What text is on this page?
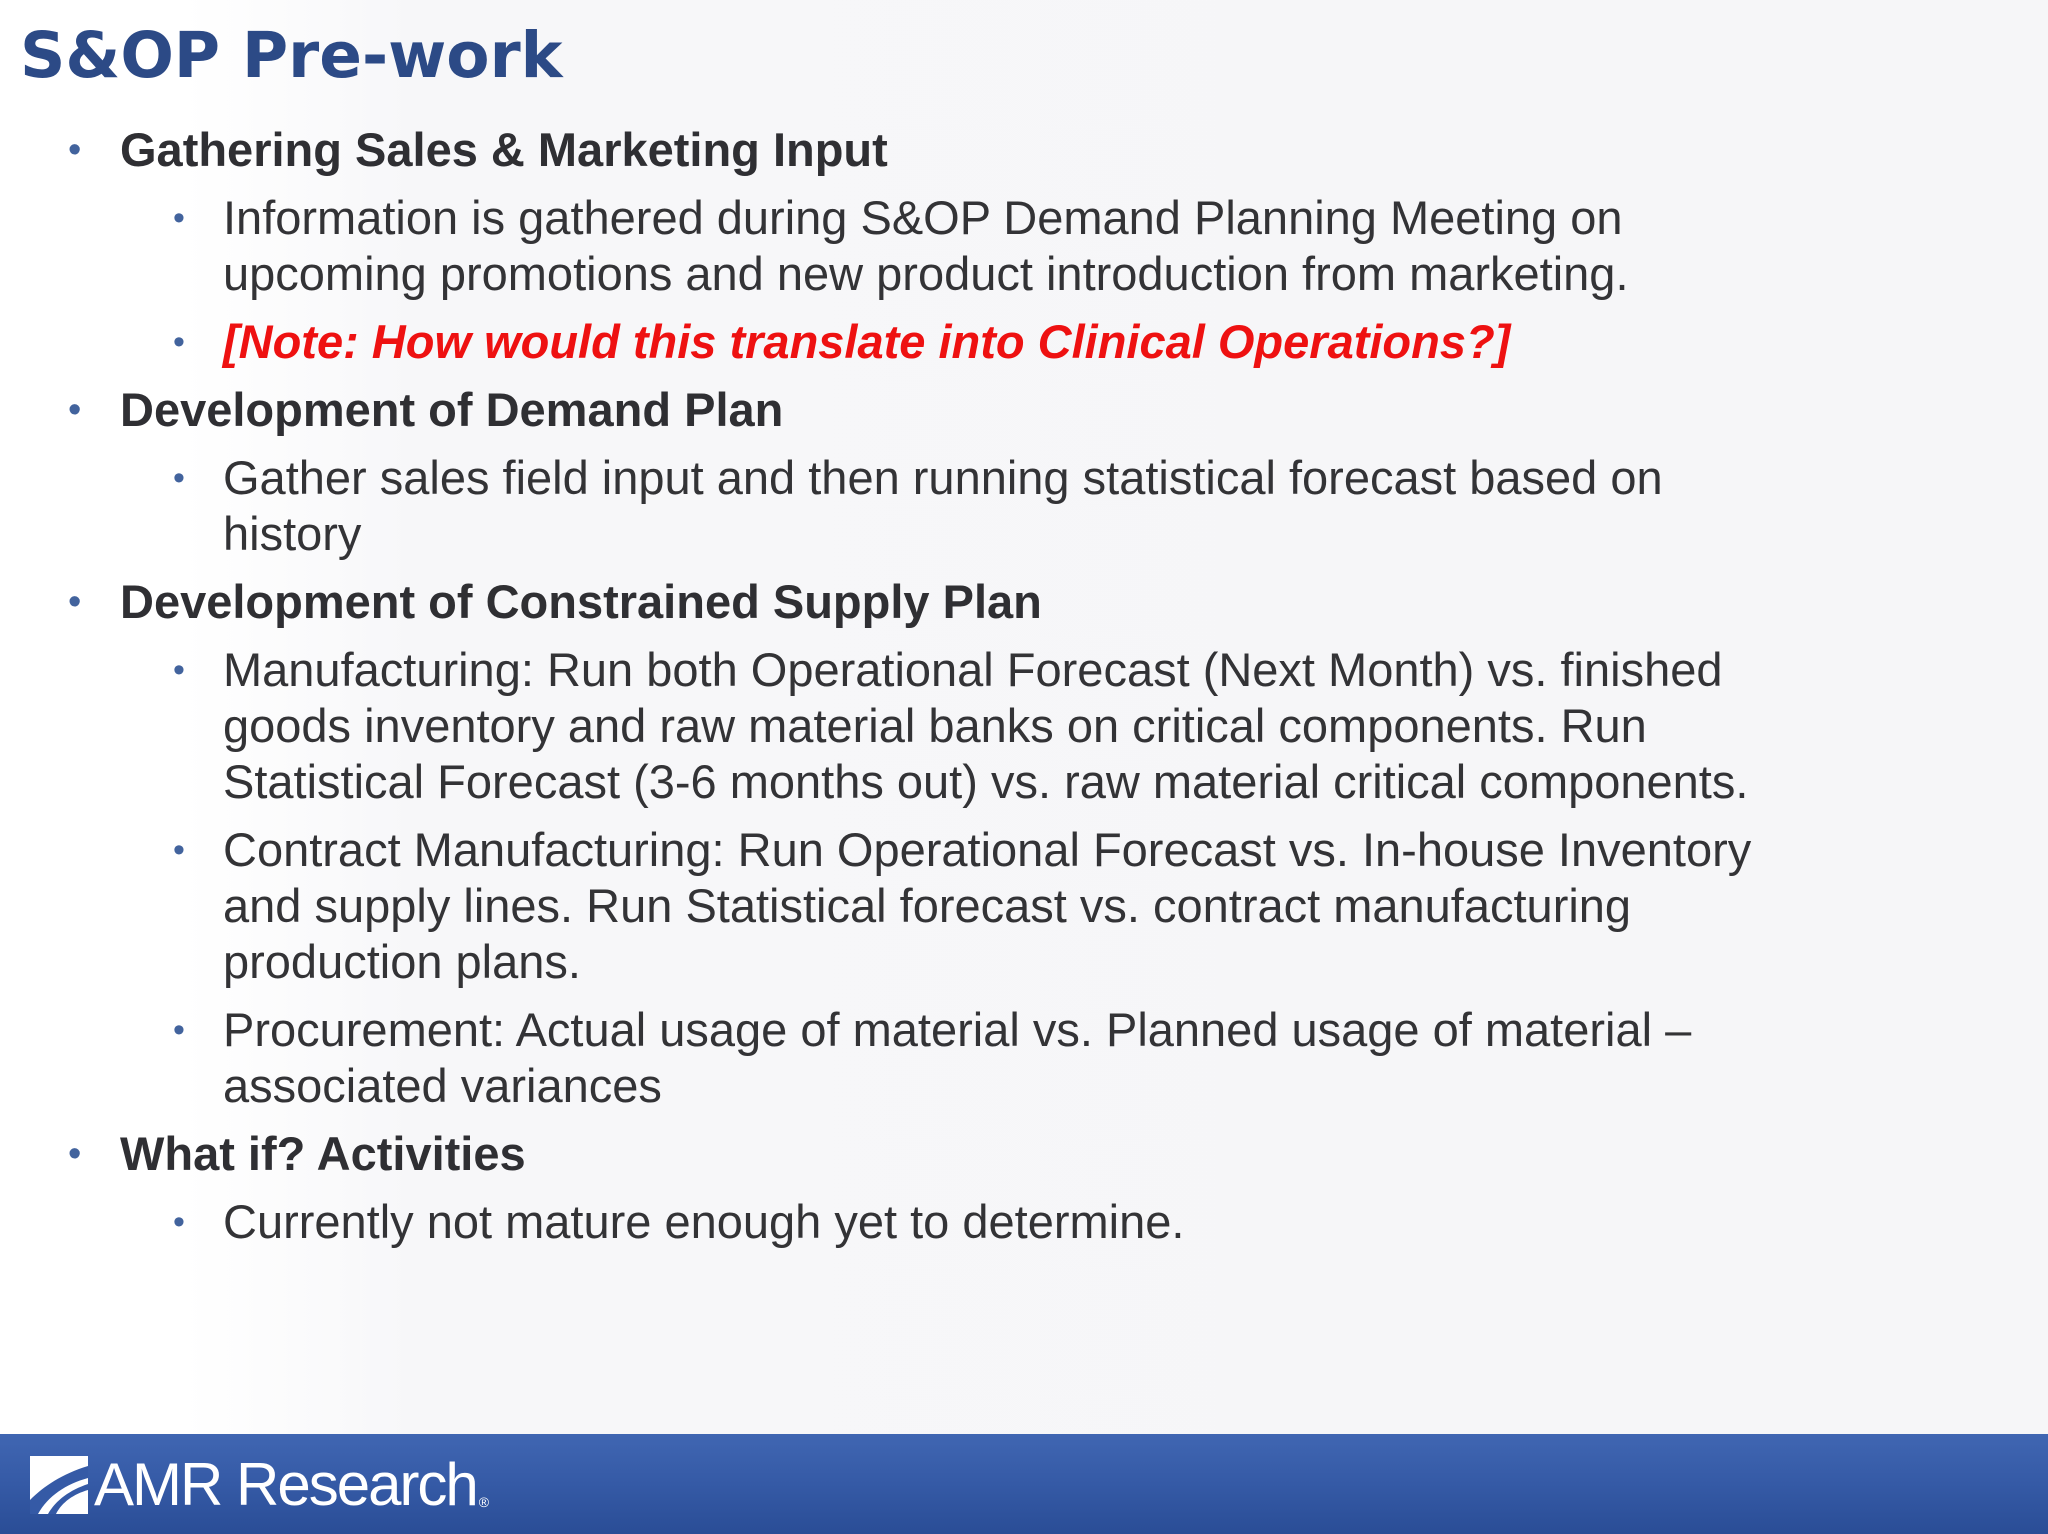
S&OP Pre-work
• Gathering Sales & Marketing Input
• Information is gathered during S&OP Demand Planning Meeting on upcoming promotions and new product introduction from marketing.
• [Note: How would this translate into Clinical Operations?]
• Development of Demand Plan
• Gather sales field input and then running statistical forecast based on history
• Development of Constrained Supply Plan
• Manufacturing: Run both Operational Forecast (Next Month) vs. finished goods inventory and raw material banks on critical components. Run Statistical Forecast (3-6 months out) vs. raw material critical components.
• Contract Manufacturing: Run Operational Forecast vs. In-house Inventory and supply lines. Run Statistical forecast vs. contract manufacturing production plans.
• Procurement: Actual usage of material vs. Planned usage of material – associated variances
• What if? Activities
• Currently not mature enough yet to determine.
AMR Research ®
